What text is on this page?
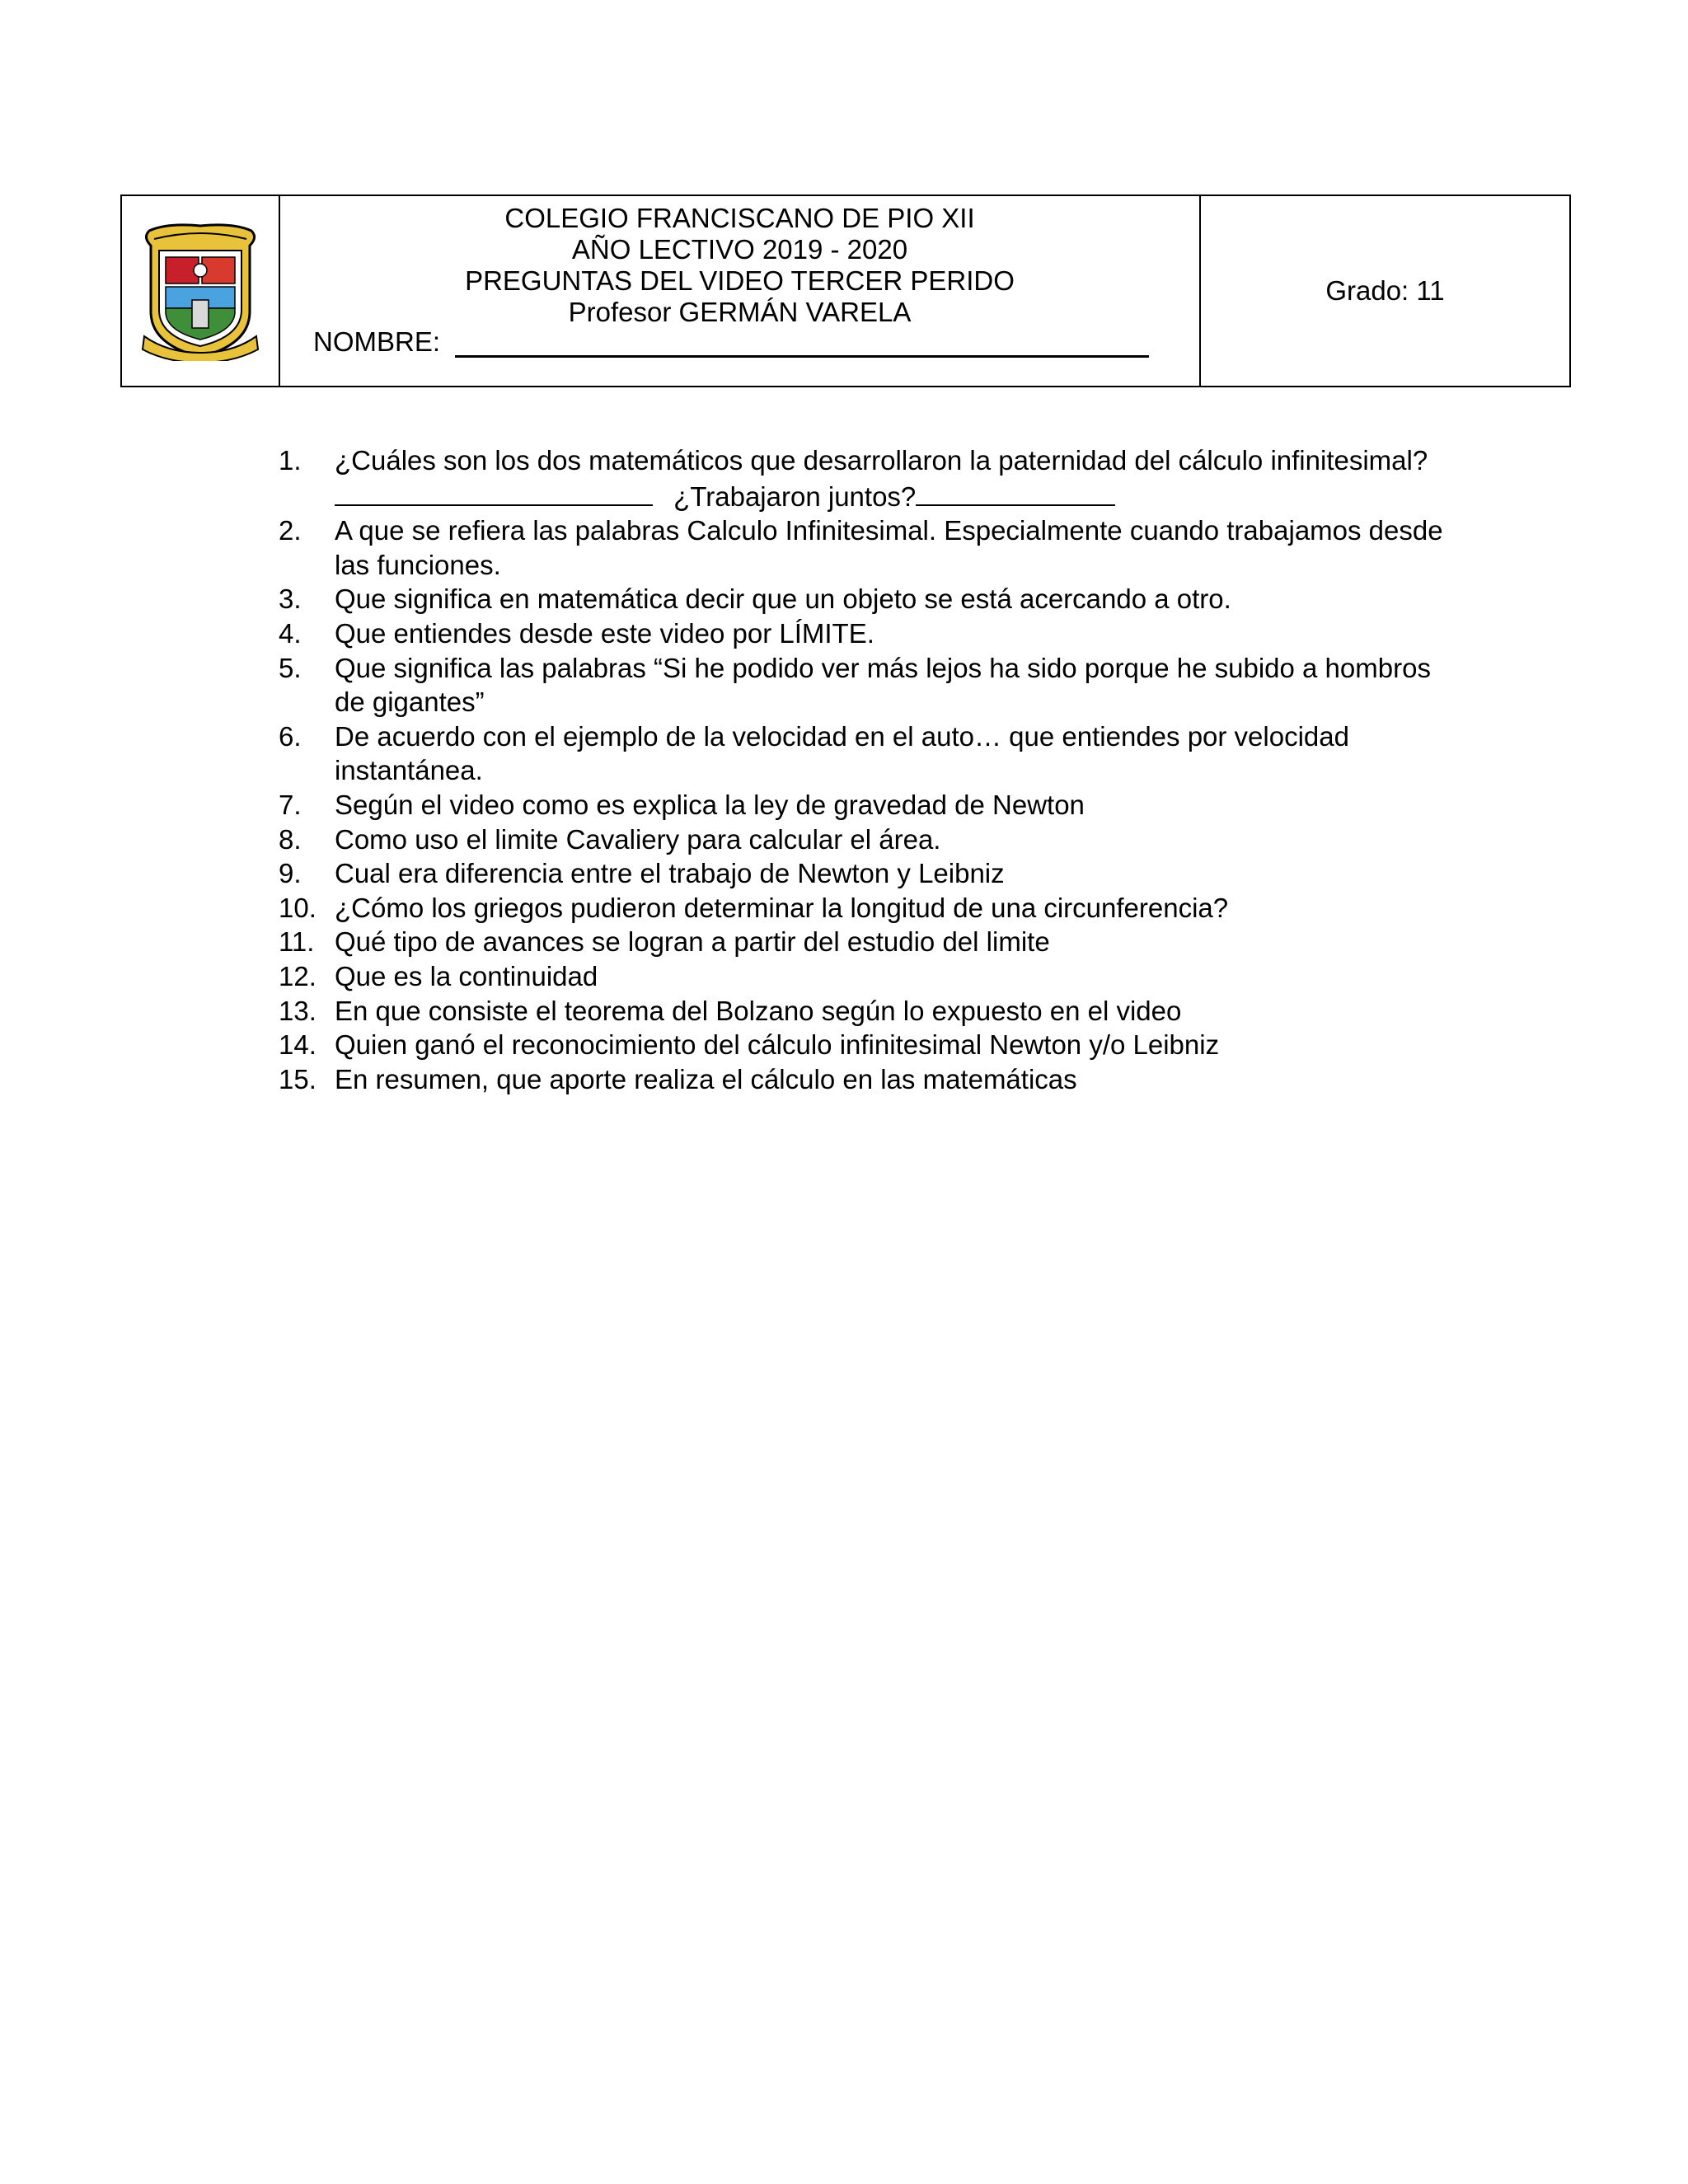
COLEGIO FRANCISCANO DE PIO XII
AÑO LECTIVO 2019 - 2020
PREGUNTAS DEL VIDEO TERCER PERIDO
Profesor GERMÁN VARELA
NOMBRE:
Grado: 11
1.	¿Cuáles son los dos matemáticos que desarrollaron la paternidad del cálculo infinitesimal?
¿Trabajaron juntos?
2.	A que se refiera las palabras Calculo Infinitesimal. Especialmente cuando trabajamos desde las funciones.
3.	Que significa en matemática decir que un objeto se está acercando a otro.
4.	Que entiendes desde este video por LÍMITE.
5.	Que significa las palabras “Si he podido ver más lejos ha sido porque he subido a hombros de gigantes”
6.	De acuerdo con el ejemplo de la velocidad en el auto… que entiendes por velocidad instantánea.
7.	Según el video como es explica la ley de gravedad de Newton
8.	Como uso el limite Cavaliery para calcular el área.
9.	Cual era diferencia entre el trabajo de Newton y Leibniz
10. ¿Cómo los griegos pudieron determinar la longitud de una circunferencia?
11. Qué tipo de avances se logran a partir del estudio del limite
12. Que es la continuidad
13. En que consiste el teorema del Bolzano según lo expuesto en el video
14. Quien ganó el reconocimiento del cálculo infinitesimal Newton y/o Leibniz
15. En resumen, que aporte realiza el cálculo en las matemáticas
